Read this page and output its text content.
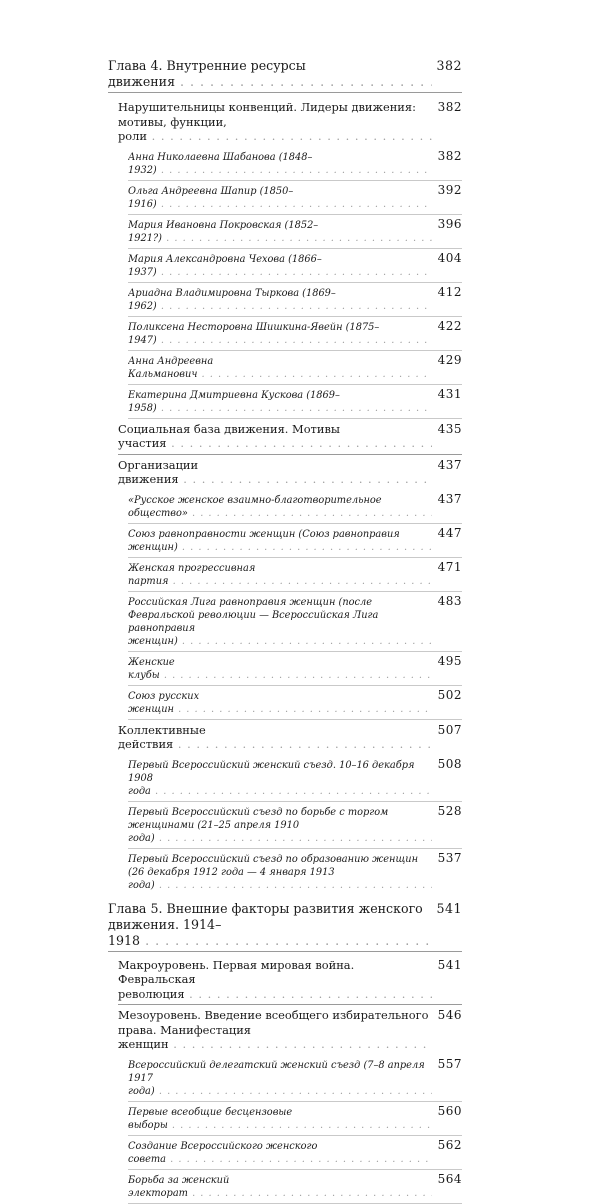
Глава 4. Внутренние ресурсы движения . . .
382
Нарушительницы конвенций. Лидеры движения: мотивы, функции, роли . . .
382
Анна Николаевна Шабанова (1848–1932) . . .
382
Ольга Андреевна Шапир (1850–1916) . . .
392
Мария Ивановна Покровская (1852–1921?) . . .
396
Мария Александровна Чехова (1866–1937) . . .
404
Ариадна Владимировна Тыркова (1869–1962) . . .
412
Поликсена Несторовна Шишкина-Явейн (1875–1947) . . .
422
Анна Андреевна Кальманович . . .
429
Екатерина Дмитриевна Кускова (1869–1958) . . .
431
Социальная база движения. Мотивы участия . . .
435
Организации движения . . .
437
«Русское женское взаимно-благотворительное общество» . . .
437
Союз равноправности женщин (Союз равноправия женщин) . . .
447
Женская прогрессивная партия . . .
471
Российская Лига равноправия женщин (после Февральской революции — Всероссийская Лига равноправия женщин) . . .
483
Женские клубы . . .
495
Союз русских женщин . . .
502
Коллективные действия . . .
507
Первый Всероссийский женский съезд. 10–16 декабря 1908 года . . .
508
Первый Всероссийский съезд по борьбе с торгом женщинами (21–25 апреля 1910 года) . . .
528
Первый Всероссийский съезд по образованию женщин (26 декабря 1912 года — 4 января 1913 года) . . .
537
Глава 5. Внешние факторы развития женского движения. 1914–1918 . . .
541
Макроуровень. Первая мировая война. Февральская революция . . .
541
Мезоуровень. Введение всеобщего избирательного права. Манифестация женщин . . .
546
Всероссийский делегатский женский съезд (7–8 апреля 1917 года) . . .
557
Первые всеобщие бесцензовые выборы . . .
560
Создание Всероссийского женского совета . . .
562
Борьба за женский электорат . . .
564
